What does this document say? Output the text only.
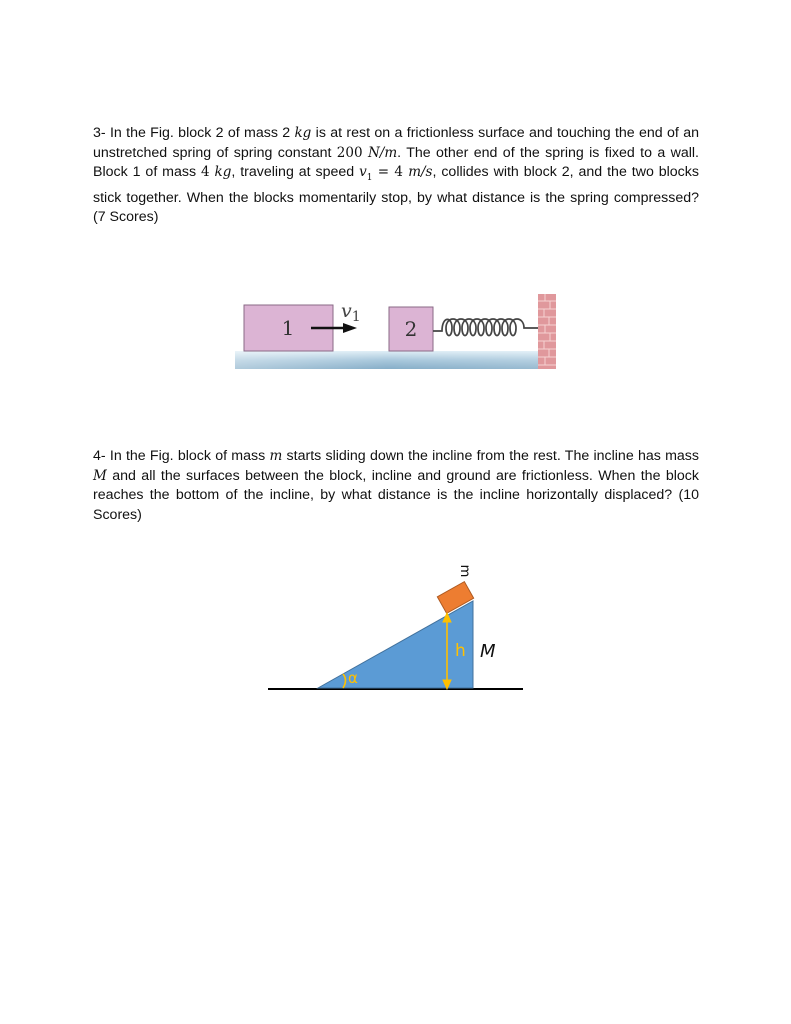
3- In the Fig. block 2 of mass 2 kg is at rest on a frictionless surface and touching the end of an unstretched spring of spring constant 200 N/m. The other end of the spring is fixed to a wall. Block 1 of mass 4 kg, traveling at speed $v_1 = 4$ m/s, collides with block 2, and the two blocks stick together. When the blocks momentarily stop, by what distance is the spring compressed? (7 Scores)
4- In the Fig. block of mass m starts sliding down the incline from the rest. The incline has mass M and all the surfaces between the block, incline and ground are frictionless. When the block reaches the bottom of the incline, by what distance is the incline horizontally displaced? (10 Scores)
1	2
$v_1$
m
h
α
M
